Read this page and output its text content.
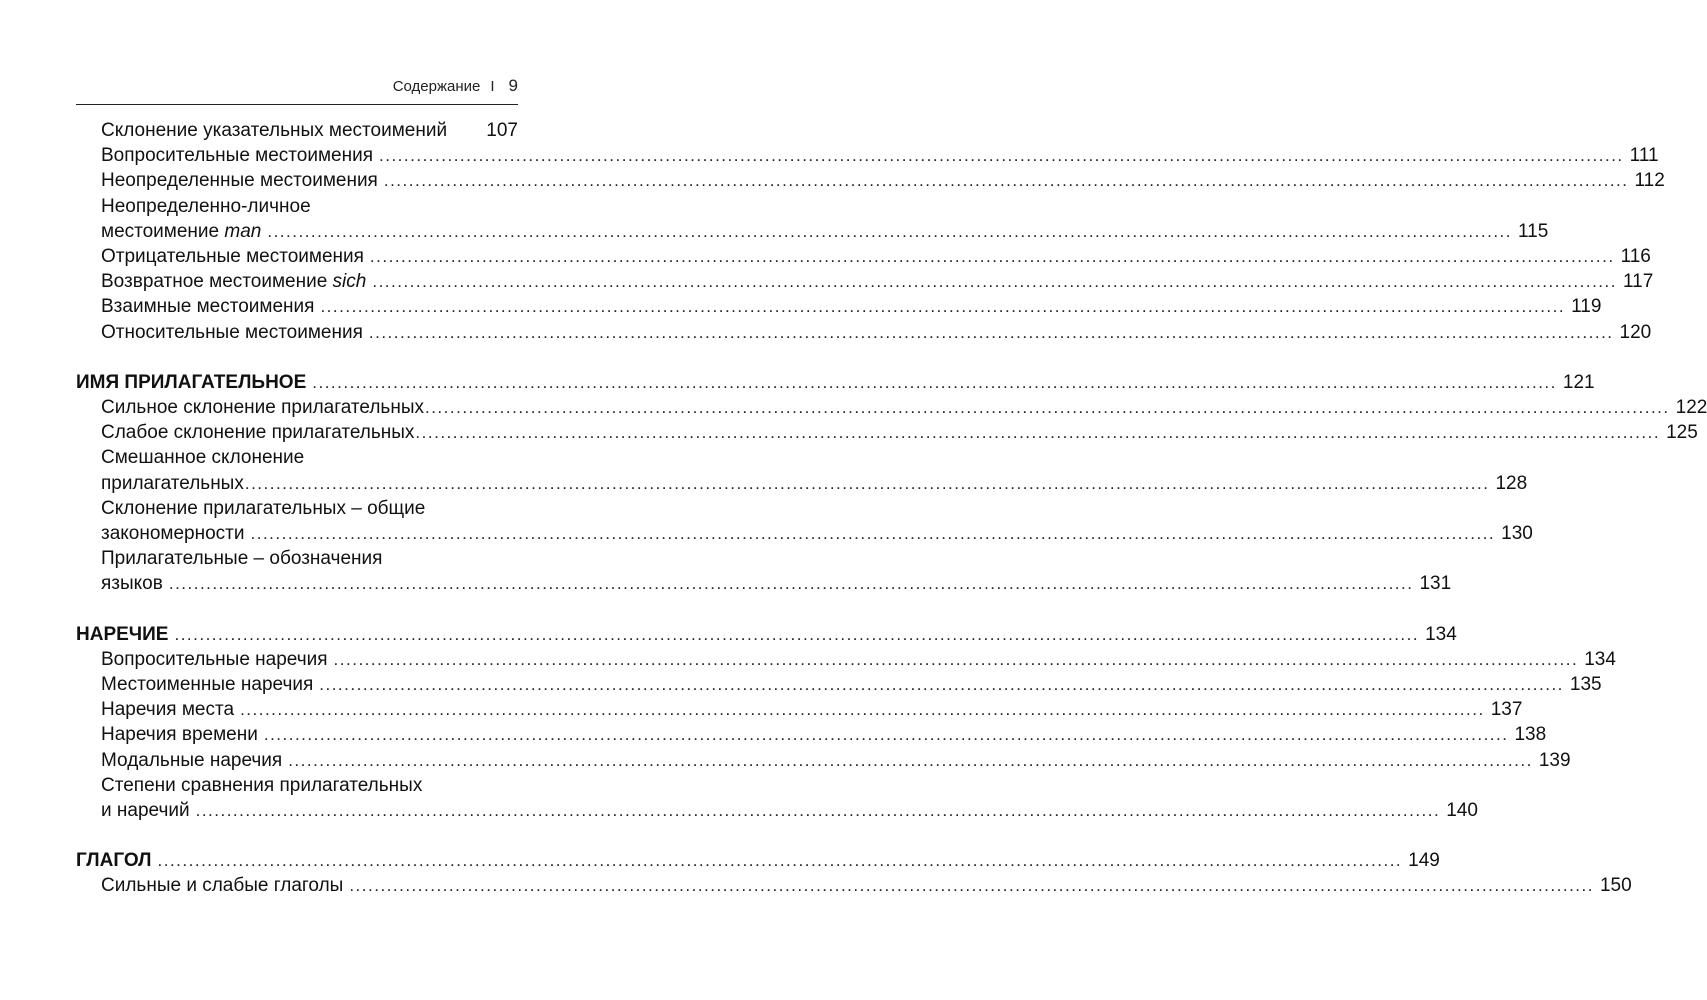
Содержание I 9
Склонение указательных местоимений 107
Вопросительные местоимения ........................................................................................................................................................................................................ 111
Неопределенные местоимения ........................................................................................................................................................................................................ 112
Неопределенно-личное
местоимение man ........................................................................................................................................................................................................ 115
Отрицательные местоимения ........................................................................................................................................................................................................ 116
Возвратное местоимение sich ........................................................................................................................................................................................................ 117
Взаимные местоимения ........................................................................................................................................................................................................ 119
Относительные местоимения ........................................................................................................................................................................................................ 120
ИМЯ ПРИЛАГАТЕЛЬНОЕ ........................................................................................................................................................................................................ 121
Сильное склонение прилагательных ........................................................................................................................................................................................................ 122
Слабое склонение прилагательных ........................................................................................................................................................................................................ 125
Смешанное склонение
прилагательных ........................................................................................................................................................................................................ 128
Склонение прилагательных – общие
закономерности ........................................................................................................................................................................................................ 130
Прилагательные – обозначения
языков ........................................................................................................................................................................................................ 131
НАРЕЧИЕ ........................................................................................................................................................................................................ 134
Вопросительные наречия ........................................................................................................................................................................................................ 134
Местоименные наречия ........................................................................................................................................................................................................ 135
Наречия места ........................................................................................................................................................................................................ 137
Наречия времени ........................................................................................................................................................................................................ 138
Модальные наречия ........................................................................................................................................................................................................ 139
Степени сравнения прилагательных
и наречий ........................................................................................................................................................................................................ 140
ГЛАГОЛ ........................................................................................................................................................................................................ 149
Сильные и слабые глаголы ........................................................................................................................................................................................................ 150
